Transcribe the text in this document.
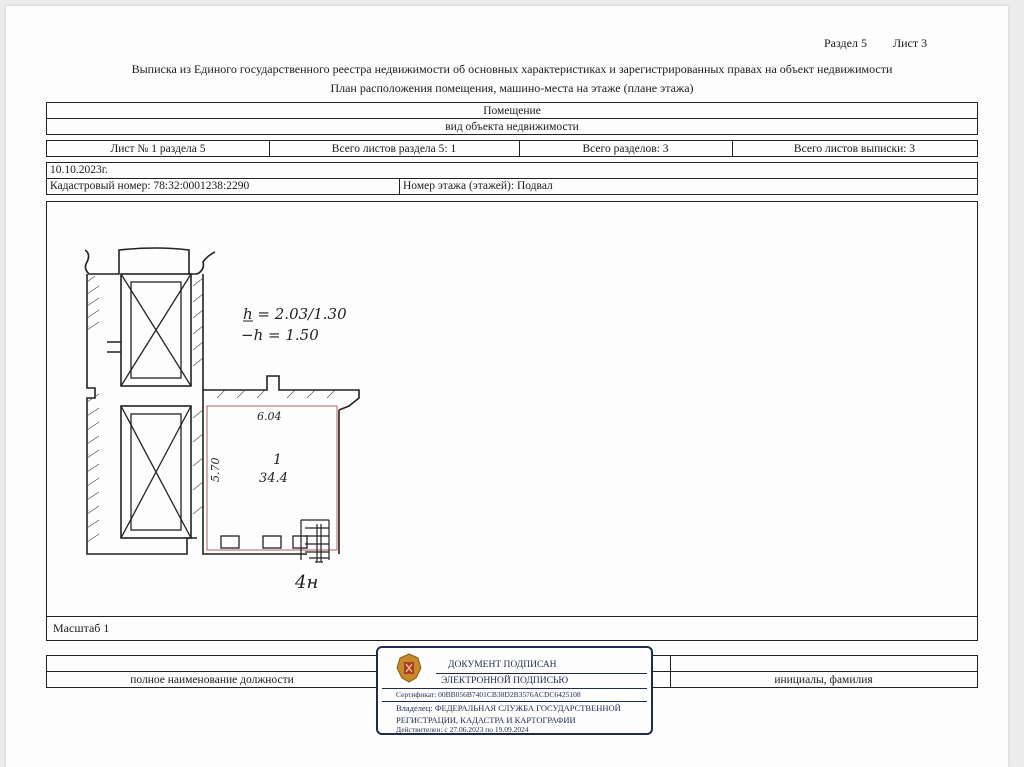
Раздел 5 Лист 3
Выписка из Единого государственного реестра недвижимости об основных характеристиках и зарегистрированных правах на объект недвижимости
План расположения помещения, машино-места на этаже (плане этажа)
Помещение
вид объекта недвижимости
Лист № 1 раздела 5	Всего листов раздела 5: 1	Всего разделов: 3	Всего листов выписки: 3
10.10.2023г.
Кадастровый номер: 78:32:0001238:2290	Номер этажа (этажей): Подвал
Масштаб 1
h = 2.03/1.30
−h = 1.50
6.04
5.70	1
34.4
4н
полное наименование должности	инициалы, фамилия
ДОКУМЕНТ ПОДПИСАН
ЭЛЕКТРОННОЙ ПОДПИСЬЮ
Сертификат: 00BB056B7401CB38D2B3576ACDC6425108
Владелец: ФЕДЕРАЛЬНАЯ СЛУЖБА ГОСУДАРСТВЕННОЙ
РЕГИСТРАЦИИ, КАДАСТРА И КАРТОГРАФИИ
Действителен: с 27.06.2023 по 19.09.2024
